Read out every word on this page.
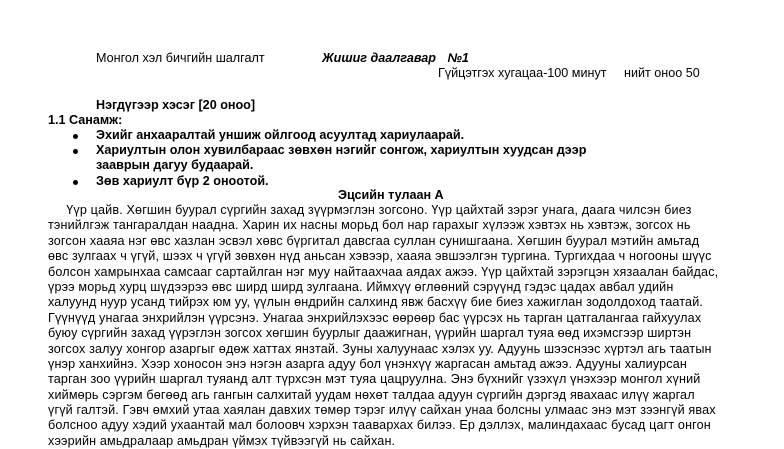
Монгол хэл бичгийн шалгалт	Жишиг даалгавар №1
Гүйцэтгэх хугацаа-100 минут     нийт оноо 50
Нэгдүгээр хэсэг [20 оноо]
1.1 Санамж:
Эхийг анхааралтай уншиж ойлгоод асуултад хариулаарай.
Хариултын олон хувилбараас зөвхөн нэгийг сонгож, хариултын хуудсан дээр
зааврын дагуу будаарай.
Зөв хариулт бүр 2 оноотой.
Эцсийн тулаан А
Үүр цайв. Хөгшин буурал сүргийн захад зүүрмэглэн зогсоно. Үүр цайхтай зэрэг унага, даага чилсэн биез
тэнийлгэж тангаралдан наадна. Харин их насны морьд бол нар гарахыг хүлээж хэвтэх нь хэвтэж, зогсох нь
зогсон хааяа нэг өвс хазлан эсвэл хөвс бүргитал давсгаа суллан сунишгаана. Хөгшин буурал мэтийн амьтад
өвс зулгаах ч үгүй, шээх ч үгүй зөвхөн нүд аньсан хэвээр, хааяа эвшээлгэн тургина. Тургихдаа ч ногооны шүүс
болсон хамрынхаа самсааг сартайлган нэг муу найтаахчаа аядах ажээ. Үүр цайхтай зэрэгцэн хязаалан байдас,
үрээ морьд хурц шүдээрээ өвс ширд ширд зулгаана. Иймхүү өглөөний сэрүүнд гэдэс цадах авбал удийн
халуунд нуур усанд тийрэх юм уу, үүлын өндрийн салхинд явж басхүү бие биез хажиглан зодолдоход таатай.
Гүүнүүд унагаа энхрийлэн үүрсэнэ. Унагаа энхрийлэхээс өөрөөр бас үүрсэх нь тарган цатгалангаа гайхуулах
буюу сүргийн захад үүрэглэн зогсох хөгшин буурлыг даажигнан, үүрийн шаргал туяа өөд ихэмсгээр ширтэн
зогсох залуу хонгор азаргыг өдөж хаттах янзтай. Зуны халуунаас хэлэх уу. Адуунь шээснээс хүртэл агь таатын
үнэр ханхийнэ. Хээр хоносон энэ нэгэн азарга адуу бол үнэнхүү жаргасан амьтад ажээ. Адууны халиурсан
тарган зоо үүрийн шаргал туяанд алт түрхсэн мэт туяа цацруулна. Энэ бүхнийг үзэхүл үнэхээр монгол хүний
хиймөрь сэргэм бөгөөд агь гангын салхитай уудам нөхөт талдаа адуун сүргийн дэргэд явахаас илүү жаргал
үгүй галтэй. Гэвч өмхий утаа хаялан давхих төмөр тэрэг илүү сайхан унаа болсны улмаас энэ мэт зээнгүй явах
болсноо адуу хэдий ухаантай мал болоовч хэрхэн таавархах билээ. Ер дэллэх, малиндахаас бусад цагт онгон
хээрийн амьдралаар амьдран үймэх түйвээгүй нь сайхан.
